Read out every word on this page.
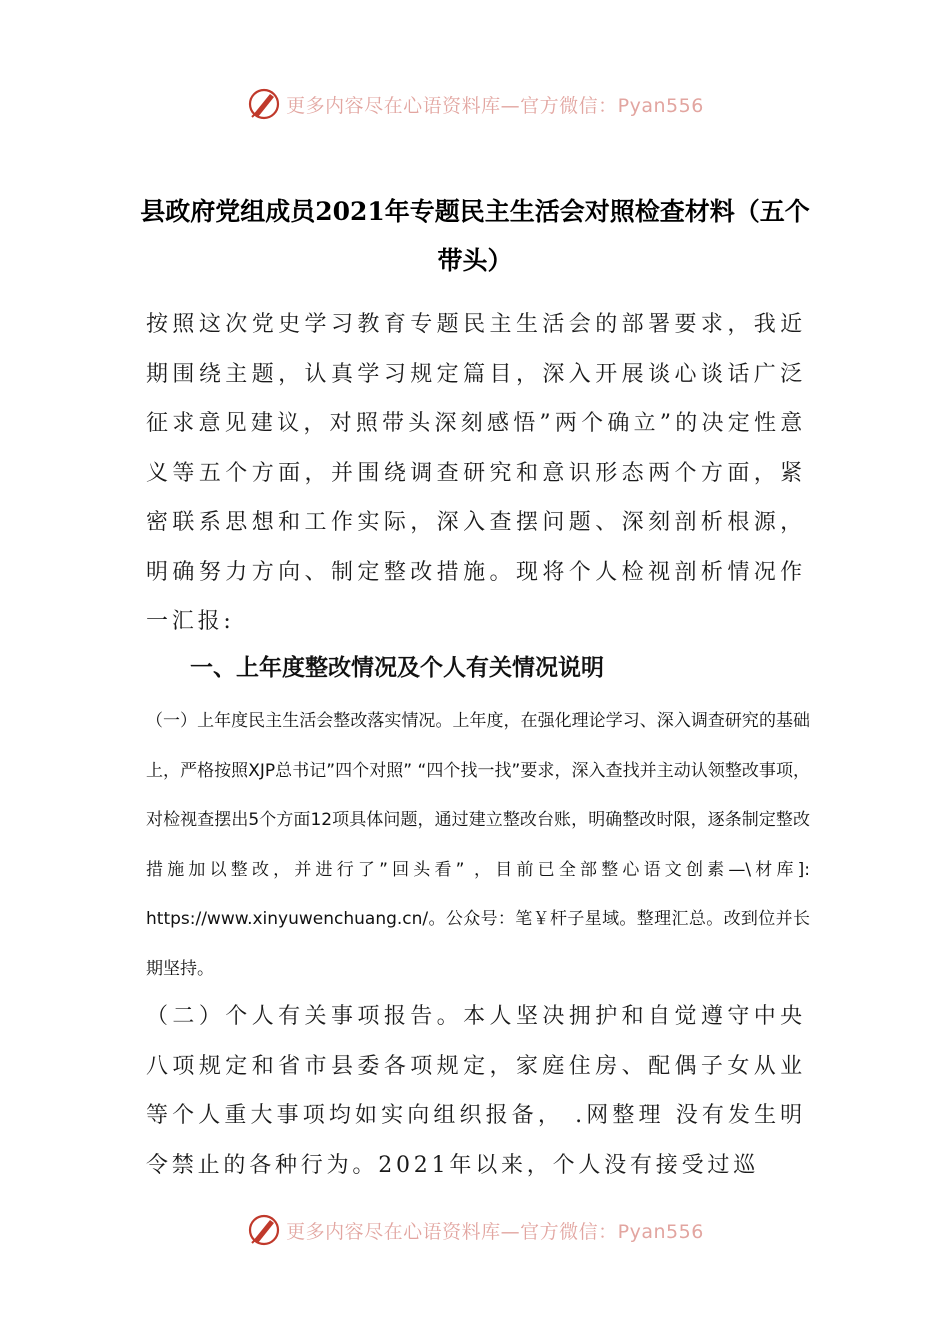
更多内容尽在心语资料库—官方微信：Pyan556
县政府党组成员2021年专题民主生活会对照检查材料（五个带头）

按照这次党史学习教育专题民主生活会的部署要求，我近期围绕主题，认真学习规定篇目，深入开展谈心谈话广泛征求意见建议，对照带头深刻感悟”两个确立”的决定性意义等五个方面，并围绕调查研究和意识形态两个方面，紧密联系思想和工作实际，深入查摆问题、深刻剖析根源，明确努力方向、制定整改措施。现将个人检视剖析情况作一汇报:

一、上年度整改情况及个人有关情况说明

（一）上年度民主生活会整改落实情况。上年度，在强化理论学习、深入调查研究的基础上，严格按照XJP总书记”四个对照” “四个找一找”要求，深入查找并主动认领整改事项，对检视查摆出5个方面12项具体问题，通过建立整改台账，明确整改时限，逐条制定整改措施加以整改，并进行了”回头看” ，目前已全部整心语文创素—\材库]: https://www.xinyuwenchuang.cn/。公众号：笔￥杆子星域。整理汇总。改到位并长期坚持。

（二）个人有关事项报告。本人坚决拥护和自觉遵守中央八项规定和省市县委各项规定，家庭住房、配偶子女从业等个人重大事项均如实向组织报备， .网整理 没有发生明令禁止的各种行为。2021年以来，个人没有接受过巡

更多内容尽在心语资料库—官方微信：Pyan556
